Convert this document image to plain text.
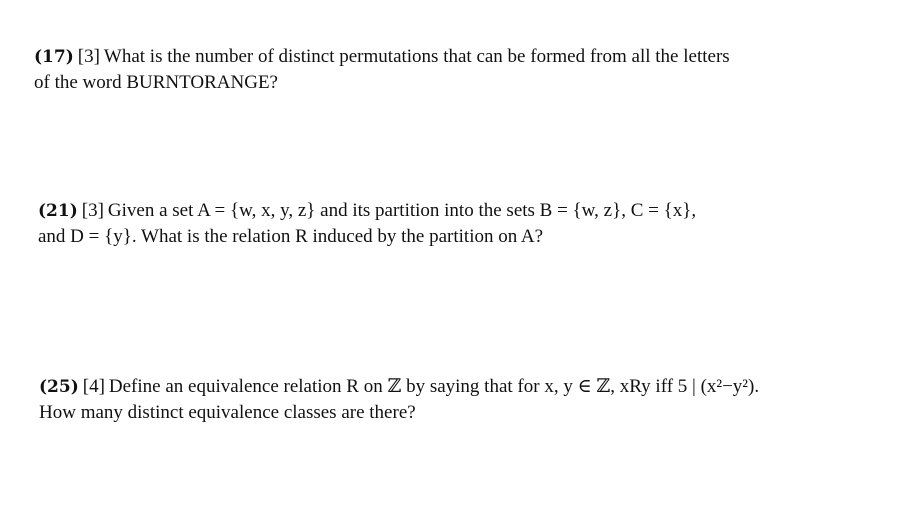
(17) [3] What is the number of distinct permutations that can be formed from all the letters
of the word BURNTORANGE?
(21) [3] Given a set A = {w, x, y, z} and its partition into the sets B = {w, z}, C = {x},
and D = {y}. What is the relation R induced by the partition on A?
(25) [4] Define an equivalence relation R on ℤ by saying that for x, y ∈ ℤ, xRy iff 5 | (x²−y²).
How many distinct equivalence classes are there?
